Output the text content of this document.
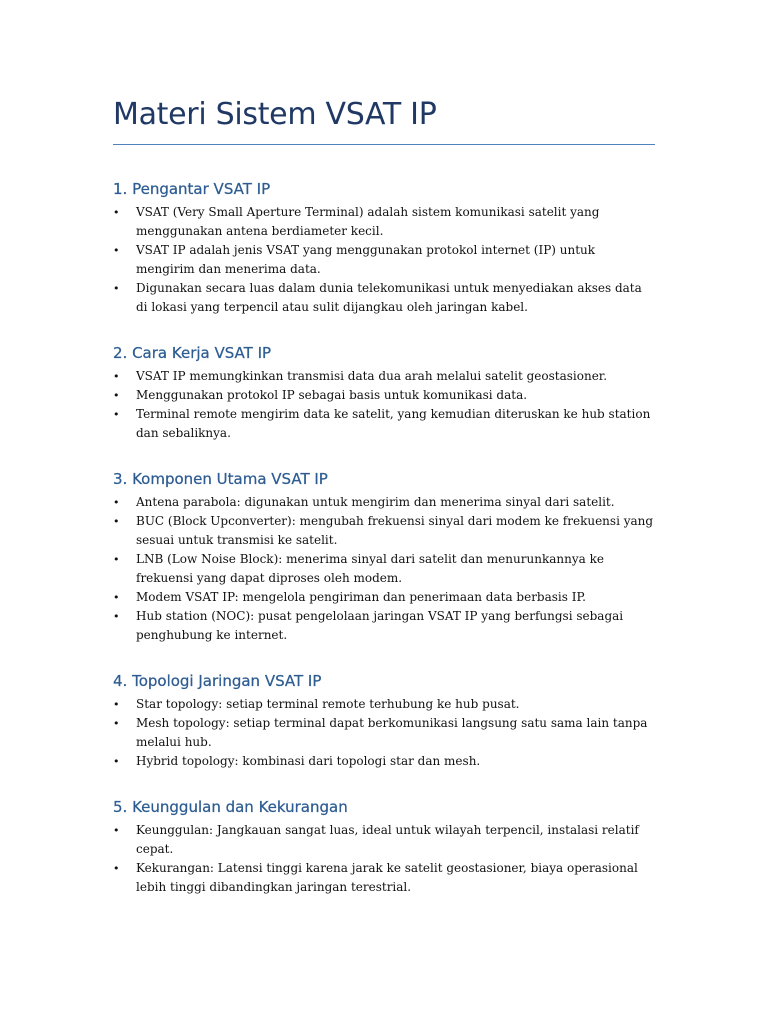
Materi Sistem VSAT IP
1. Pengantar VSAT IP
• VSAT (Very Small Aperture Terminal) adalah sistem komunikasi satelit yang menggunakan antena berdiameter kecil.
• VSAT IP adalah jenis VSAT yang menggunakan protokol internet (IP) untuk mengirim dan menerima data.
• Digunakan secara luas dalam dunia telekomunikasi untuk menyediakan akses data di lokasi yang terpencil atau sulit dijangkau oleh jaringan kabel.
2. Cara Kerja VSAT IP
• VSAT IP memungkinkan transmisi data dua arah melalui satelit geostasioner.
• Menggunakan protokol IP sebagai basis untuk komunikasi data.
• Terminal remote mengirim data ke satelit, yang kemudian diteruskan ke hub station dan sebaliknya.
3. Komponen Utama VSAT IP
• Antena parabola: digunakan untuk mengirim dan menerima sinyal dari satelit.
• BUC (Block Upconverter): mengubah frekuensi sinyal dari modem ke frekuensi yang sesuai untuk transmisi ke satelit.
• LNB (Low Noise Block): menerima sinyal dari satelit dan menurunkannya ke frekuensi yang dapat diproses oleh modem.
• Modem VSAT IP: mengelola pengiriman dan penerimaan data berbasis IP.
• Hub station (NOC): pusat pengelolaan jaringan VSAT IP yang berfungsi sebagai penghubung ke internet.
4. Topologi Jaringan VSAT IP
• Star topology: setiap terminal remote terhubung ke hub pusat.
• Mesh topology: setiap terminal dapat berkomunikasi langsung satu sama lain tanpa melalui hub.
• Hybrid topology: kombinasi dari topologi star dan mesh.
5. Keunggulan dan Kekurangan
• Keunggulan: Jangkauan sangat luas, ideal untuk wilayah terpencil, instalasi relatif cepat.
• Kekurangan: Latensi tinggi karena jarak ke satelit geostasioner, biaya operasional lebih tinggi dibandingkan jaringan terestrial.
